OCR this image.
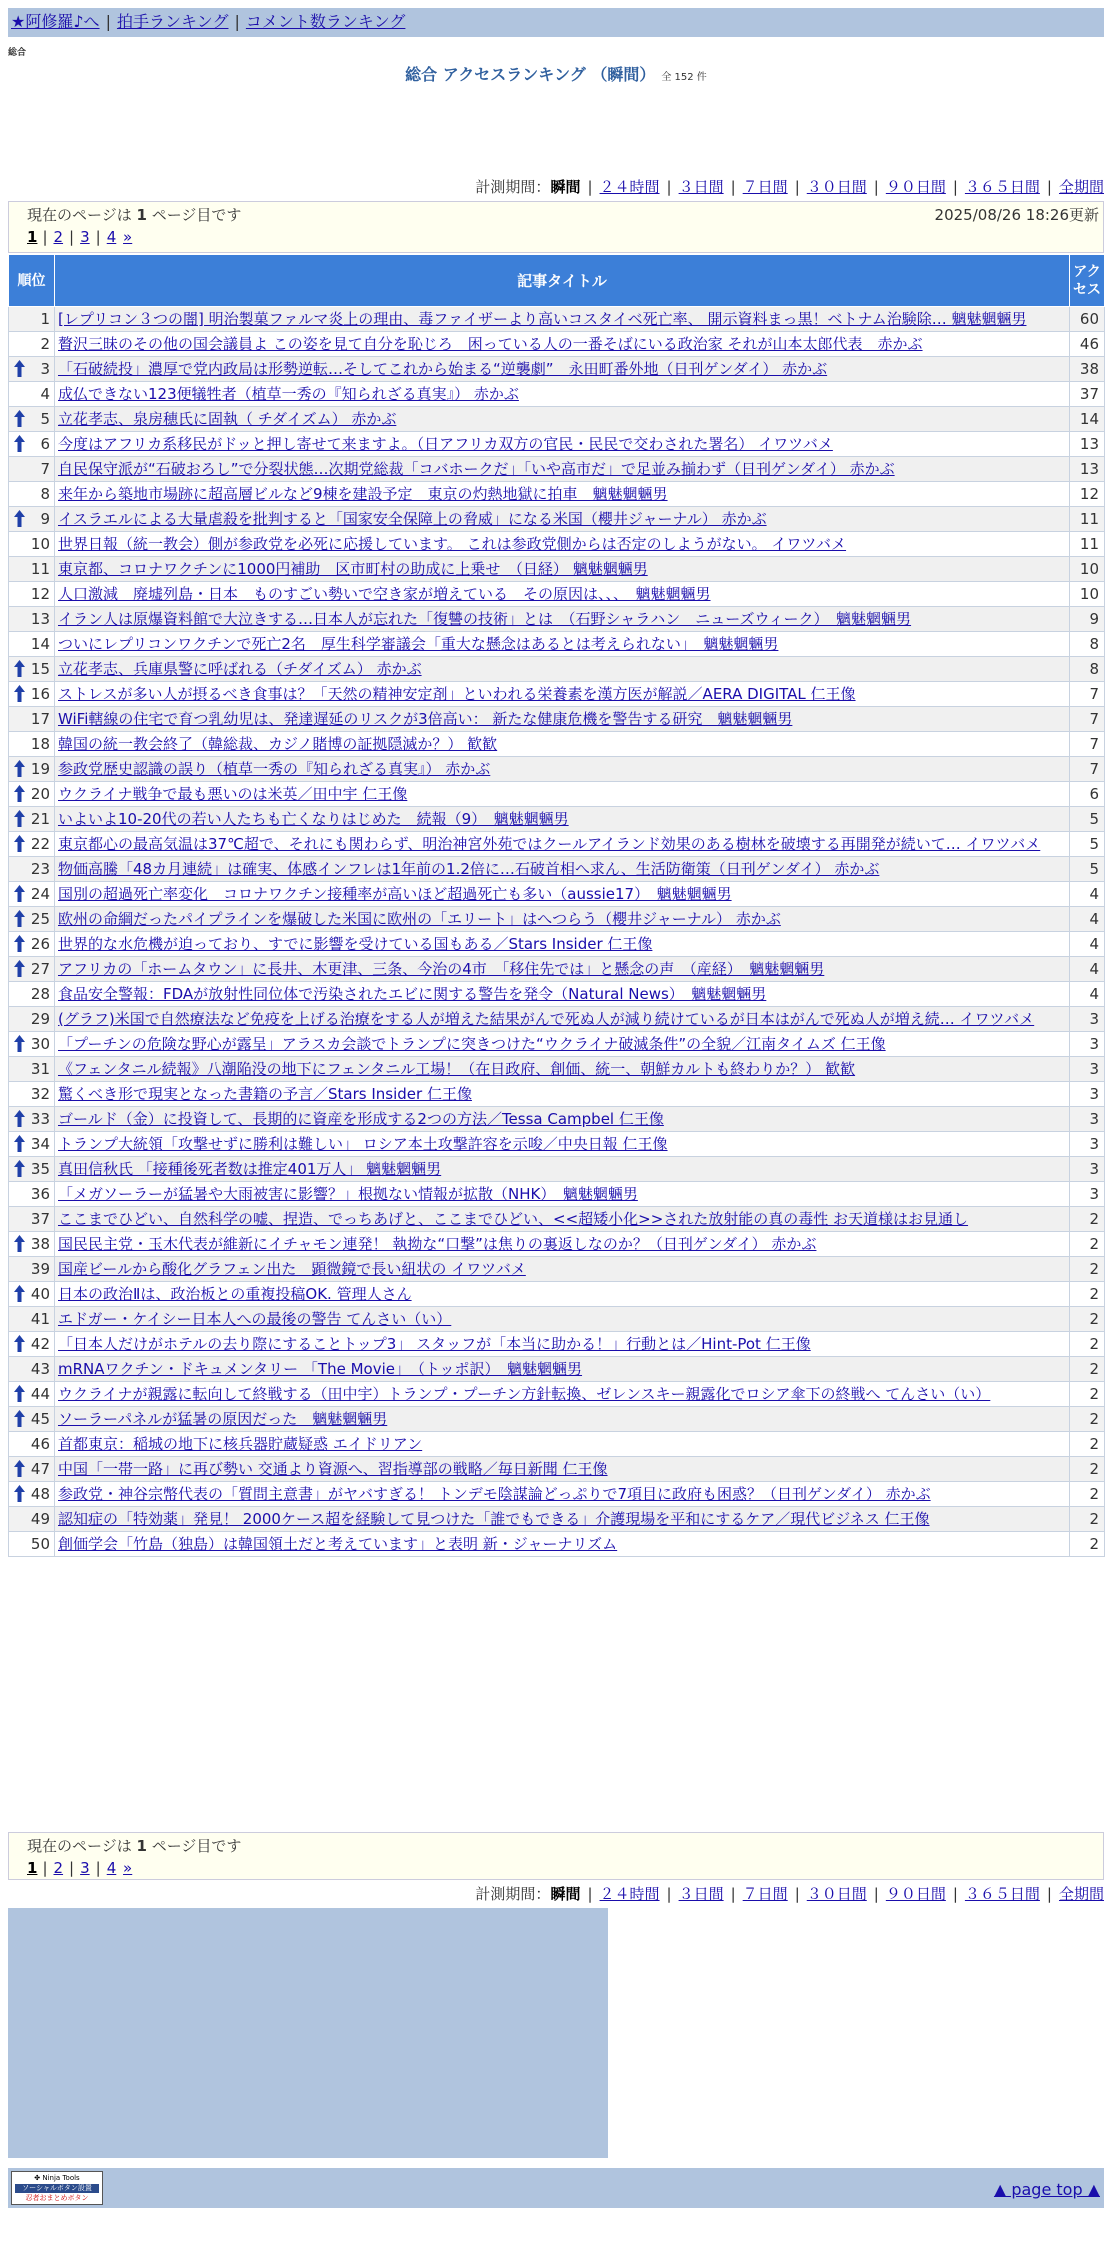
★阿修羅♪へ | 拍手ランキング | コメント数ランキング
総合
総合 アクセスランキング （瞬間） 全 152 件
計測期間：瞬間 | ２４時間 | ３日間 | ７日間 | ３０日間 | ９０日間 | ３６５日間 | 全期間
現在のページは 1 ページ目です	2025/08/26 18:26更新
1 | 2 | 3 | 4 »
順位	記事タイトル	アクセス
1	[レプリコン３つの闇] 明治製菓ファルマ炎上の理由、毒ファイザーより高いコスタイベ死亡率、 開示資料まっ黒！ベトナム治験除… 魑魅魍魎男	60
2	贅沢三昧のその他の国会議員よ この姿を見て自分を恥じろ　困っている人の一番そばにいる政治家 それが山本太郎代表　赤かぶ	46

3	「石破続投」濃厚で党内政局は形勢逆転…そしてこれから始まる“逆襲劇”　永田町番外地（日刊ゲンダイ） 赤かぶ	38
4	成仏できない123便犠牲者（植草一秀の『知られざる真実』） 赤かぶ	37

5	立花孝志、泉房穂氏に固執（ チダイズム） 赤かぶ	14

6	今度はアフリカ系移民がドッと押し寄せて来ますよ。（日アフリカ双方の官民・民民で交わされた署名） イワツバメ	13
7	自民保守派が“石破おろし”で分裂状態…次期党総裁「コバホークだ」「いや高市だ」で足並み揃わず（日刊ゲンダイ） 赤かぶ	13
8	来年から築地市場跡に超高層ビルなど9棟を建設予定　東京の灼熱地獄に拍車　魑魅魍魎男	12

9	イスラエルによる大量虐殺を批判すると「国家安全保障上の脅威」になる米国（櫻井ジャーナル） 赤かぶ	11
10	世界日報（統一教会）側が参政党を必死に応援しています。 これは参政党側からは否定のしようがない。 イワツバメ	11
11	東京都、コロナワクチンに1000円補助　区市町村の助成に上乗せ　（日経） 魑魅魍魎男	10
12	人口激減　廃墟列島・日本　ものすごい勢いで空き家が増えている　その原因は、、、　魑魅魍魎男	10
13	イラン人は原爆資料館で大泣きする…日本人が忘れた「復讐の技術」とは　（石野シャラハン　ニューズウィーク）　魑魅魍魎男	9
14	ついにレプリコンワクチンで死亡2名　厚生科学審議会「重大な懸念はあるとは考えられない」　魑魅魍魎男	8

15	立花孝志、兵庫県警に呼ばれる（チダイズム） 赤かぶ	8

16	ストレスが多い人が摂るべき食事は？「天然の精神安定剤」といわれる栄養素を漢方医が解説／AERA DIGITAL 仁王像	7
17	WiFi轄線の住宅で育つ乳幼児は、発達遅延のリスクが3倍高い： 新たな健康危機を警告する研究　魑魅魍魎男	7
18	韓国の統一教会終了（韓総裁、カジノ賭博の証拠隠滅か？） 歓歓	7

19	参政党歴史認識の誤り（植草一秀の『知られざる真実』） 赤かぶ	7

20	ウクライナ戦争で最も悪いのは米英／田中宇 仁王像	6

21	いよいよ10-20代の若い人たちも亡くなりはじめた　続報（9）　魑魅魍魎男	5

22	東京都心の最高気温は37℃超で、それにも関わらず、明治神宮外苑ではクールアイランド効果のある樹林を破壊する再開発が続いて… イワツバメ	5
23	物価高騰「48カ月連続」は確実、体感インフレは1年前の1.2倍に…石破首相へ求ん、生活防衛策（日刊ゲンダイ） 赤かぶ	5

24	国別の超過死亡率変化　コロナワクチン接種率が高いほど超過死亡も多い（aussie17）　魑魅魍魎男	4

25	欧州の命綱だったパイプラインを爆破した米国に欧州の「エリート」はへつらう（櫻井ジャーナル） 赤かぶ	4

26	世界的な水危機が迫っており、すでに影響を受けている国もある／Stars Insider 仁王像	4

27	アフリカの「ホームタウン」に長井、木更津、三条、今治の4市　「移住先では」と懸念の声　（産経）　魑魅魍魎男	4
28	食品安全警報：FDAが放射性同位体で汚染されたエビに関する警告を発令（Natural News）　魑魅魍魎男	4
29	(グラフ)米国で自然療法など免疫を上げる治療をする人が増えた結果がんで死ぬ人が減り続けているが日本はがんで死ぬ人が増え続… イワツバメ	3

30	「プーチンの危険な野心が露呈」アラスカ会談でトランプに突きつけた“ウクライナ破滅条件”の全貌／江南タイムズ 仁王像	3
31	《フェンタニル続報》八潮陥没の地下にフェンタニル工場！（在日政府、創価、統一、朝鮮カルトも終わりか？） 歓歓	3
32	驚くべき形で現実となった書籍の予言／Stars Insider 仁王像	3

33	ゴールド（金）に投資して、長期的に資産を形成する2つの方法／Tessa Campbel 仁王像	3

34	トランプ大統領「攻撃せずに勝利は難しい」 ロシア本土攻撃許容を示唆／中央日報 仁王像	3

35	真田信秋氏 「接種後死者数は推定401万人」 魑魅魍魎男	3
36	「メガソーラーが猛暑や大雨被害に影響？」根拠ない情報が拡散（NHK）　魑魅魍魎男	3
37	ここまでひどい、自然科学の嘘、捏造、でっちあげと、ここまでひどい、<<超矮小化>>された放射能の真の毒性 お天道様はお見通し	2

38	国民民主党・玉木代表が維新にイチャモン連発！ 執拗な“口撃”は焦りの裏返しなのか？（日刊ゲンダイ） 赤かぶ	2
39	国産ビールから酸化グラフェン出た　顕微鏡で長い紐状の イワツバメ	2

40	日本の政治Ⅱは、政治板との重複投稿OK. 管理人さん	2
41	エドガー・ケイシー日本人への最後の警告 てんさい（い）	2

42	「日本人だけがホテルの去り際にすることトップ3」 スタッフが「本当に助かる！」行動とは／Hint-Pot 仁王像	2
43	mRNAワクチン・ドキュメンタリー 「The Movie」　（トッポ訳）　魑魅魍魎男	2

44	ウクライナが親露に転向して終戦する（田中宇）トランプ・プーチン方針転換、ゼレンスキー親露化でロシア傘下の終戦へ てんさい（い）	2

45	ソーラーパネルが猛暑の原因だった　魑魅魍魎男	2
46	首都東京：稲城の地下に核兵器貯蔵疑惑 エイドリアン	2

47	中国「一帯一路」に再び勢い 交通より資源へ、習指導部の戦略／毎日新聞 仁王像	2

48	参政党・神谷宗幣代表の「質問主意書」がヤバすぎる！ トンデモ陰謀論どっぷりで7項目に政府も困惑？（日刊ゲンダイ） 赤かぶ	2
49	認知症の「特効薬」発見！ 2000ケース超を経験して見つけた「誰でもできる」介護現場を平和にするケア／現代ビジネス 仁王像	2
50	創価学会「竹島（独島）は韓国領土だと考えています」と表明 新・ジャーナリズム	2
現在のページは 1 ページ目です
1 | 2 | 3 | 4 »
計測期間：瞬間 | ２４時間 | ３日間 | ７日間 | ３０日間 | ９０日間 | ３６５日間 | 全期間
✤ Ninja Tools
ソーシャルボタン設置
忍者おまとめボタン	▲ page top ▲
